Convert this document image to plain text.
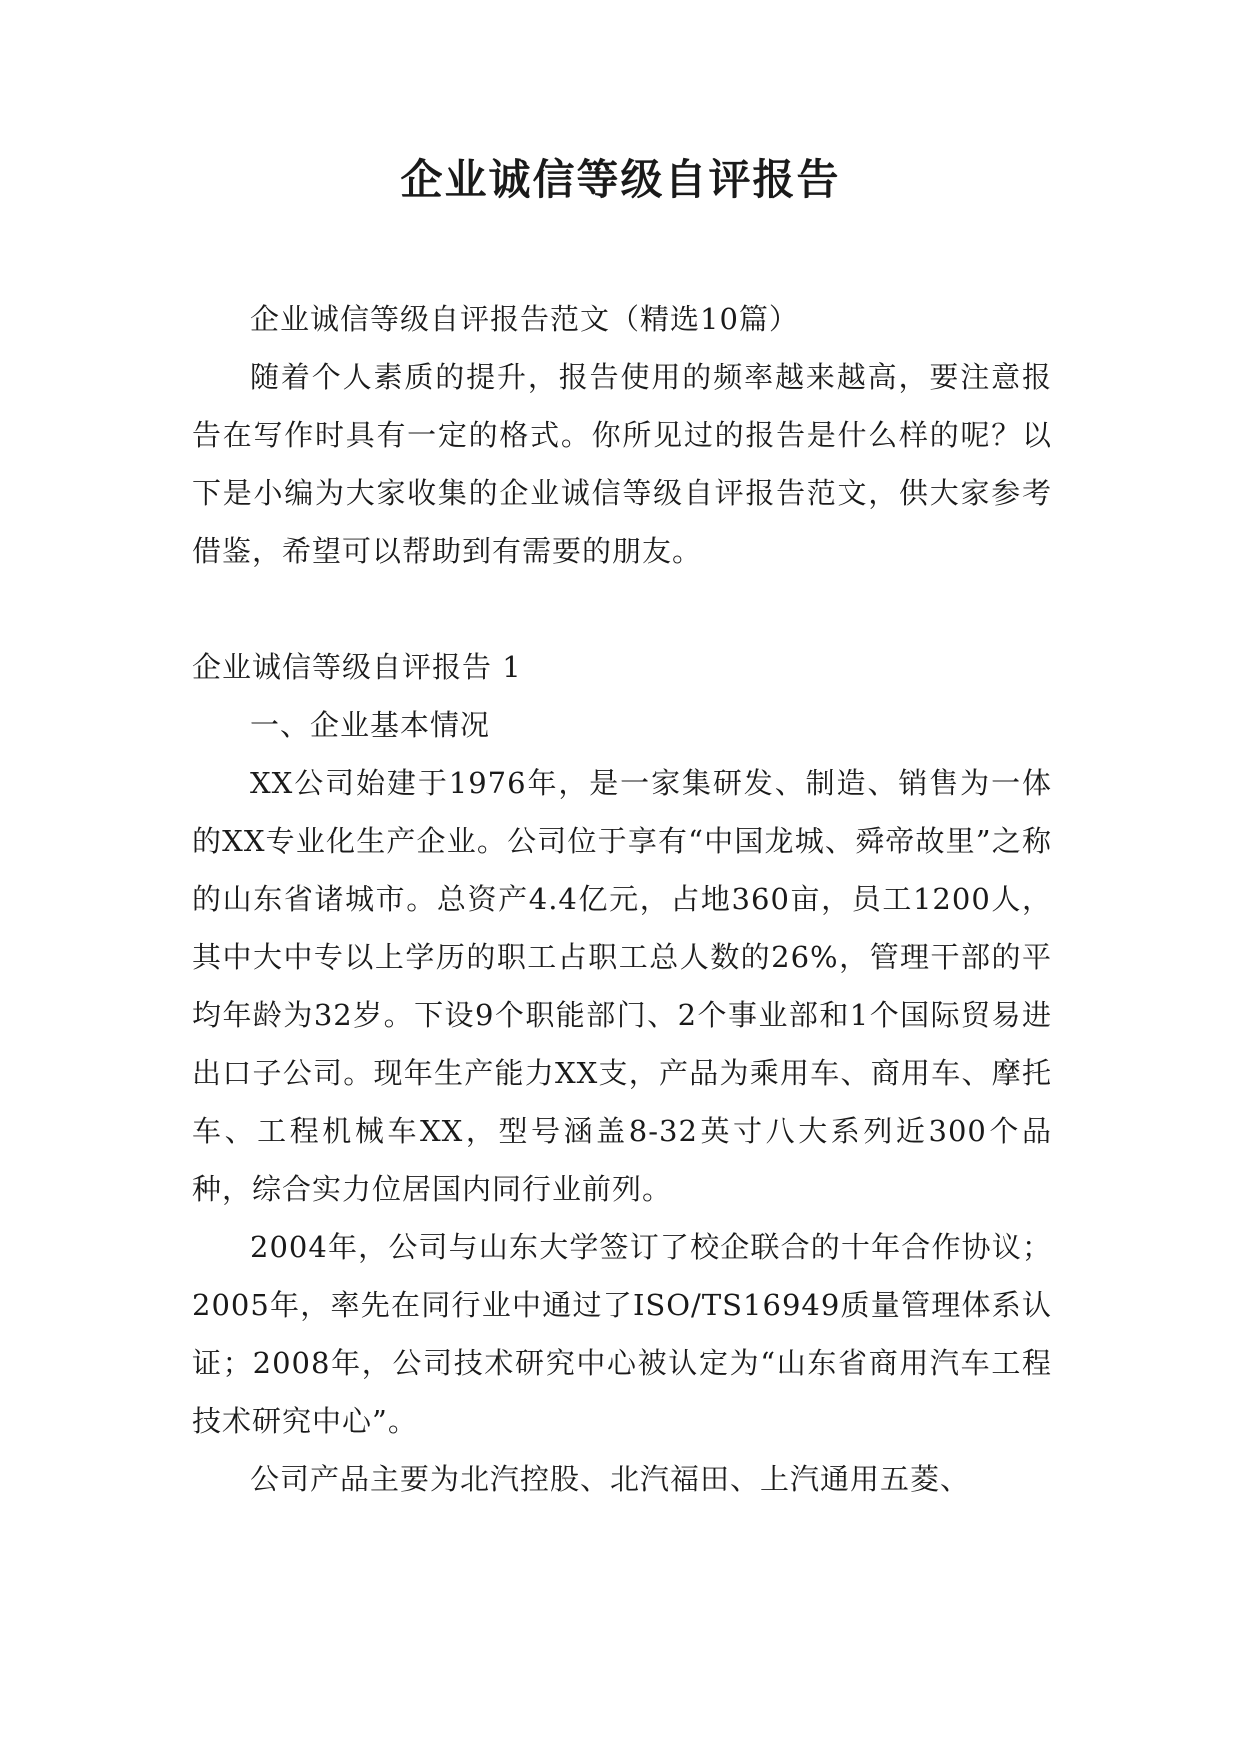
企业诚信等级自评报告

企业诚信等级自评报告范文（精选10篇）

随着个人素质的提升，报告使用的频率越来越高，要注意报告在写作时具有一定的格式。你所见过的报告是什么样的呢？以下是小编为大家收集的企业诚信等级自评报告范文，供大家参考借鉴，希望可以帮助到有需要的朋友。

企业诚信等级自评报告 1

一、企业基本情况

XX公司始建于1976年，是一家集研发、制造、销售为一体的XX专业化生产企业。公司位于享有“中国龙城、舜帝故里”之称的山东省诸城市。总资产4.4亿元，占地360亩，员工1200人，其中大中专以上学历的职工占职工总人数的26%，管理干部的平均年龄为32岁。下设9个职能部门、2个事业部和1个国际贸易进出口子公司。现年生产能力XX支，产品为乘用车、商用车、摩托车、工程机械车XX，型号涵盖8-32英寸八大系列近300个品种，综合实力位居国内同行业前列。

2004年，公司与山东大学签订了校企联合的十年合作协议；2005年，率先在同行业中通过了ISO/TS16949质量管理体系认证；2008年，公司技术研究中心被认定为“山东省商用汽车工程技术研究中心”。

公司产品主要为北汽控股、北汽福田、上汽通用五菱、
